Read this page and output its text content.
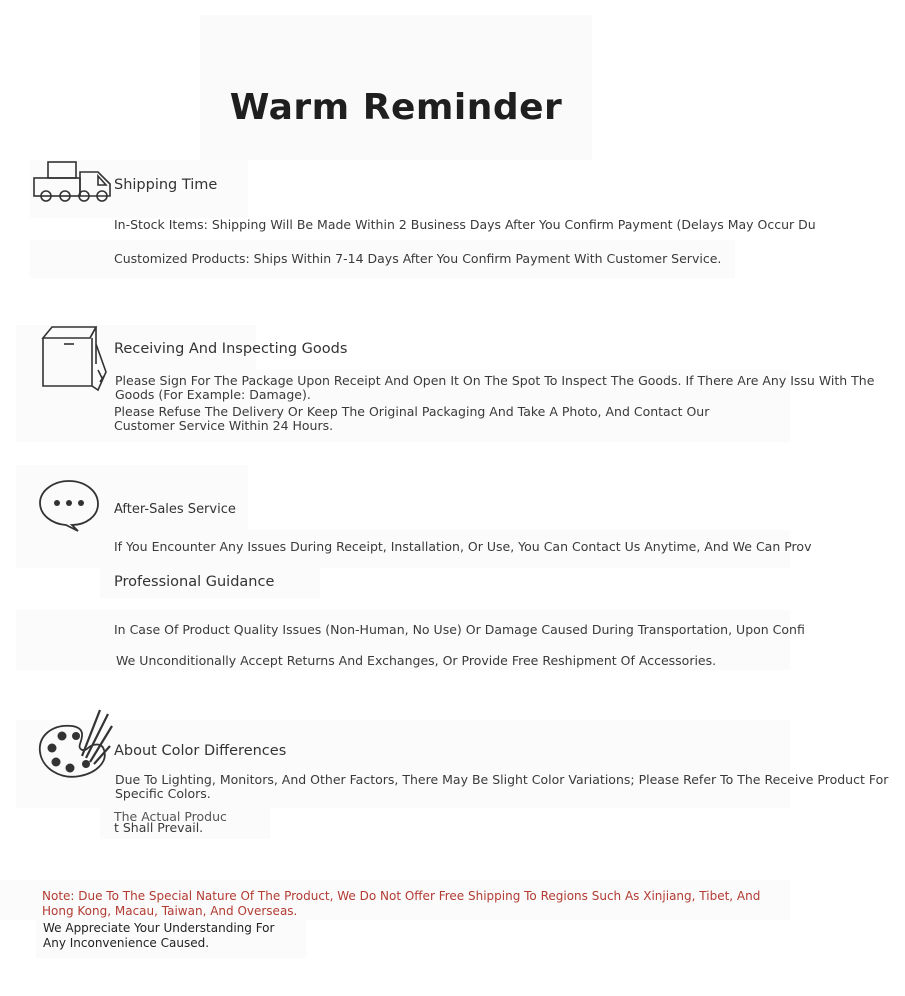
Warm Reminder
Shipping Time
In-Stock Items: Shipping Will Be Made Within 2 Business Days After You Confirm Payment (Delays May Occur Du
Customized Products: Ships Within 7-14 Days After You Confirm Payment With Customer Service.
Receiving And Inspecting Goods
Please Sign For The Package Upon Receipt And Open It On The Spot To Inspect The Goods. If There Are Any Issu With The Goods (For Example: Damage).
Please Refuse The Delivery Or Keep The Original Packaging And Take A Photo, And Contact Our Customer Service Within 24 Hours.
After-Sales Service
If You Encounter Any Issues During Receipt, Installation, Or Use, You Can Contact Us Anytime, And We Can Prov
Professional Guidance
In Case Of Product Quality Issues (Non-Human, No Use) Or Damage Caused During Transportation, Upon Confi
We Unconditionally Accept Returns And Exchanges, Or Provide Free Reshipment Of Accessories.
About Color Differences
Due To Lighting, Monitors, And Other Factors, There May Be Slight Color Variations; Please Refer To The Receive Product For Specific Colors.
The Actual Produc
t Shall Prevail.
Note: Due To The Special Nature Of The Product, We Do Not Offer Free Shipping To Regions Such As Xinjiang, Tibet, And Hong Kong, Macau, Taiwan, And Overseas.
We Appreciate Your Understanding For
Any Inconvenience Caused.
